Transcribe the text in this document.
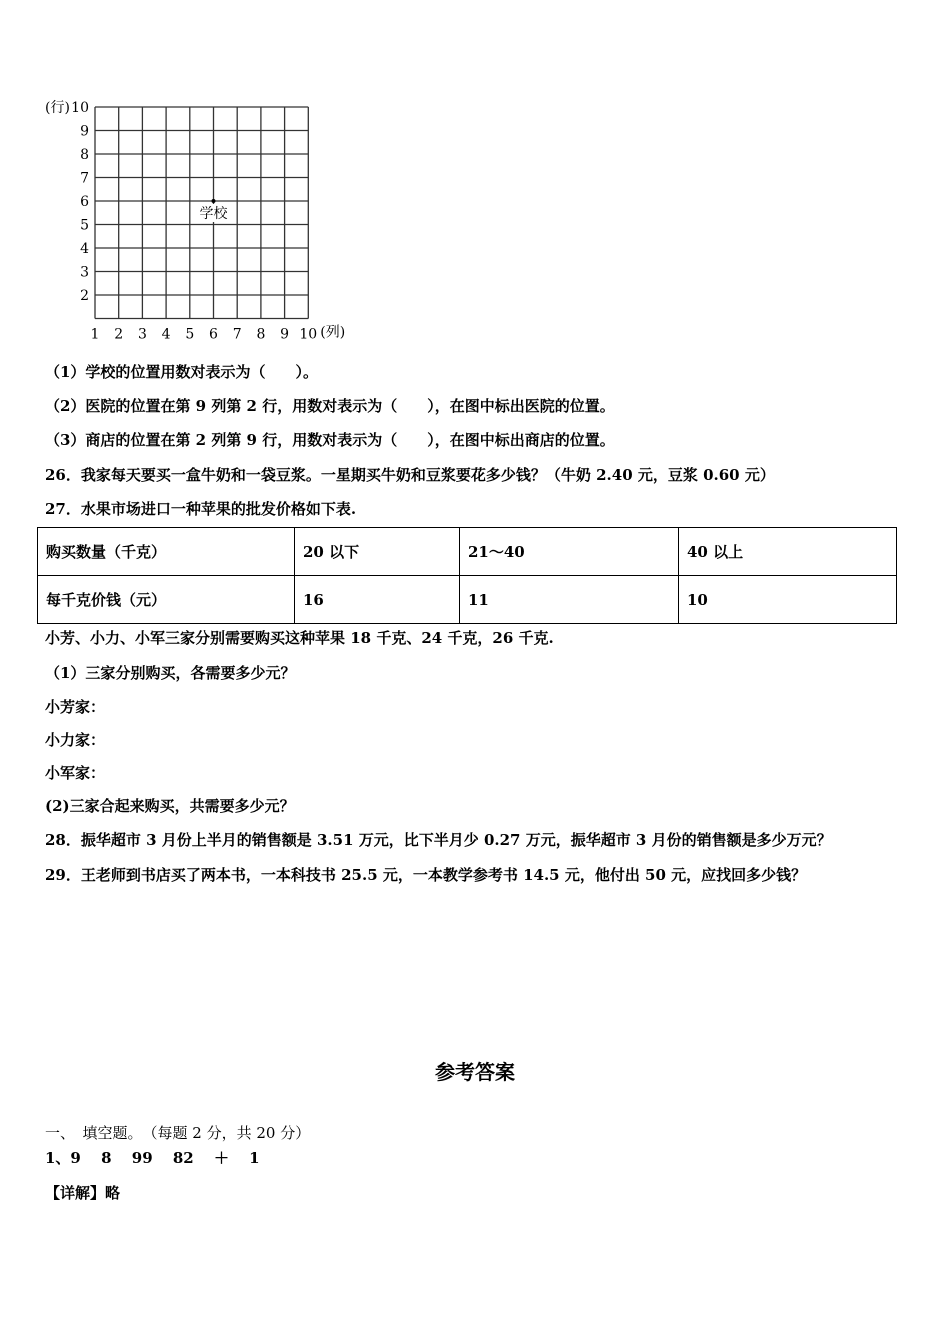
10
9
8
7
6
5
4
3
2
1 2 3 4 5 6 7 8 9 10
(行)
(列)
学校
（1）学校的位置用数对表示为（　　）。
（2）医院的位置在第 9 列第 2 行，用数对表示为（　　），在图中标出医院的位置。
（3）商店的位置在第 2 列第 9 行，用数对表示为（　　），在图中标出商店的位置。
26．我家每天要买一盒牛奶和一袋豆浆。一星期买牛奶和豆浆要花多少钱？（牛奶 2.40 元，豆浆 0.60 元）
27．水果市场进口一种苹果的批发价格如下表.
购买数量（千克）	20 以下	21～40	40 以上
每千克价钱（元）	16	11	10
小芳、小力、小军三家分别需要购买这种苹果 18 千克、24 千克，26 千克.
（1）三家分别购买，各需要多少元？
小芳家：
小力家：
小军家：
(2)三家合起来购买，共需要多少元？
28．振华超市 3 月份上半月的销售额是 3.51 万元，比下半月少 0.27 万元，振华超市 3 月份的销售额是多少万元？
29．王老师到书店买了两本书，一本科技书 25.5 元，一本教学参考书 14.5 元，他付出 50 元，应找回多少钱？
参考答案
一、　填空题。　（每题 2 分，共 20 分）
1、9　 8　 99　 82　 ＋　 1
【详解】略
